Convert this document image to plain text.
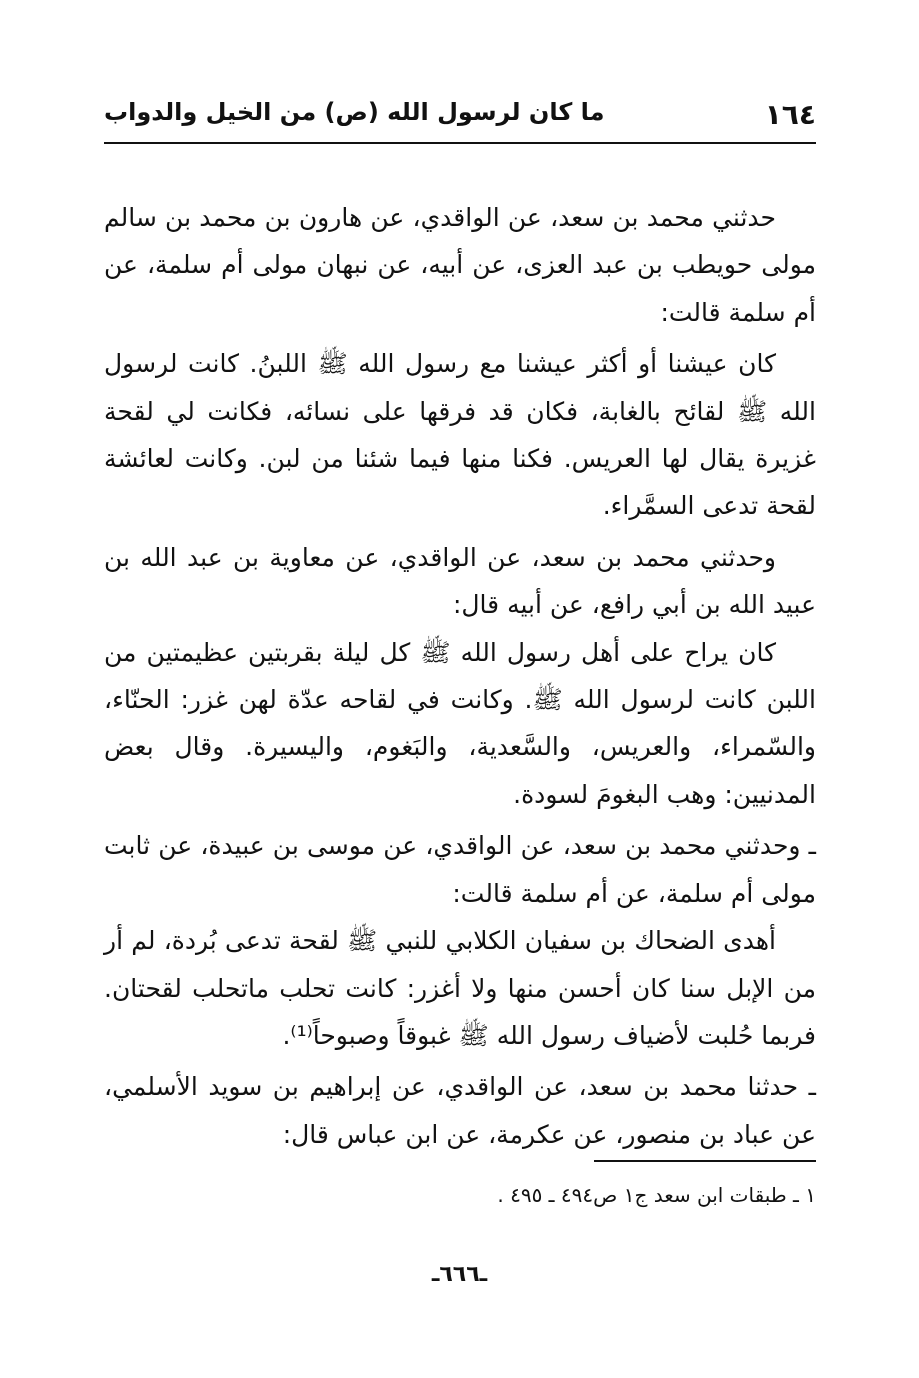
١٦٤
ما كان لرسول الله (ص) من الخيل والدواب

حدثني محمد بن سعد، عن الواقدي، عن هارون بن محمد بن سالم مولى حويطب بن عبد العزى، عن أبيه، عن نبهان مولى أم سلمة، عن أم سلمة قالت:

كان عيشنا أو أكثر عيشنا مع رسول الله ﷺ اللبنُ. كانت لرسول الله ﷺ لقائح بالغابة، فكان قد فرقها على نسائه، فكانت لي لقحة غزيرة يقال لها العريس. فكنا منها فيما شئنا من لبن. وكانت لعائشة لقحة تدعى السمَّراء.

وحدثني محمد بن سعد، عن الواقدي، عن معاوية بن عبد الله بن عبيد الله بن أبي رافع، عن أبيه قال:

كان يراح على أهل رسول الله ﷺ كل ليلة بقربتين عظيمتين من اللبن كانت لرسول الله ﷺ. وكانت في لقاحه عدّة لهن غزر: الحنّاء، والسّمراء، والعريس، والسَّعدية، والبَغوم، واليسيرة. وقال بعض المدنيين: وهب البغومَ لسودة.

ـ وحدثني محمد بن سعد، عن الواقدي، عن موسى بن عبيدة، عن ثابت مولى أم سلمة، عن أم سلمة قالت:

أهدى الضحاك بن سفيان الكلابي للنبي ﷺ لقحة تدعى بُردة، لم أر من الإبل سنا كان أحسن منها ولا أغزر: كانت تحلب ماتحلب لقحتان. فربما حُلبت لأضياف رسول الله ﷺ غبوقاً وصبوحاً⁽¹⁾.

ـ حدثنا محمد بن سعد، عن الواقدي، عن إبراهيم بن سويد الأسلمي، عن عباد بن منصور، عن عكرمة، عن ابن عباس قال:

١ ـ طبقات ابن سعد ج١ ص٤٩٤ ـ ٤٩٥ .
ـ٦٦٦ـ
